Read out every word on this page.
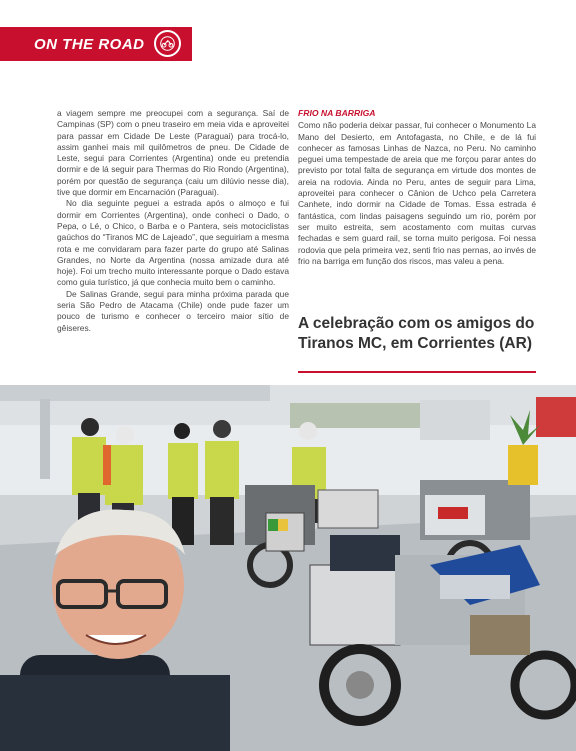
ON THE ROAD

a viagem sempre me preocupei com a segurança. Saí de Campinas (SP) com o pneu traseiro em meia vida e aproveitei para passar em Cidade De Leste (Paraguai) para trocá-lo, assim ganhei mais mil quilômetros de pneu. De Cidade de Leste, segui para Corrientes (Argentina) onde eu pretendia dormir e de lá seguir para Thermas do Rio Rondo (Argentina), porém por questão de segurança (caiu um dilúvio nesse dia), tive que dormir em Encarnación (Paraguai).

No dia seguinte peguei a estrada após o almoço e fui dormir em Corrientes (Argentina), onde conheci o Dado, o Pepa, o Lé, o Chico, o Barba e o Pantera, seis motociclistas gaúchos do “Tiranos MC de Lajeado”, que seguiriam a mesma rota e me convidaram para fazer parte do grupo até Salinas Grandes, no Norte da Argentina (nossa amizade dura até hoje). Foi um trecho muito interessante porque o Dado estava como guia turístico, já que conhecia muito bem o caminho.

De Salinas Grande, segui para minha próxima parada que seria São Pedro de Atacama (Chile) onde pude fazer um pouco de turismo e conhecer o terceiro maior sítio de gêiseres.

FRIO NA BARRIGA

Como não poderia deixar passar, fui conhecer o Monumento La Mano del Desierto, em Antofagasta, no Chile, e de lá fui conhecer as famosas Linhas de Nazca, no Peru. No caminho peguei uma tempestade de areia que me forçou parar antes do previsto por total falta de segurança em virtude dos montes de areia na rodovia. Ainda no Peru, antes de seguir para Lima, aproveitei para conhecer o Cânion de Uchco pela Carretera Canhete, indo dormir na Cidade de Tomas. Essa estrada é fantástica, com lindas paisagens seguindo um rio, porém por ser muito estreita, sem acostamento com muitas curvas fechadas e sem guard rail, se torna muito perigosa. Foi nessa rodovia que pela primeira vez, senti frio nas pernas, ao invés de frio na barriga em função dos riscos, mas valeu a pena.

A celebração com os amigos do Tiranos MC, em Corrientes (AR)
